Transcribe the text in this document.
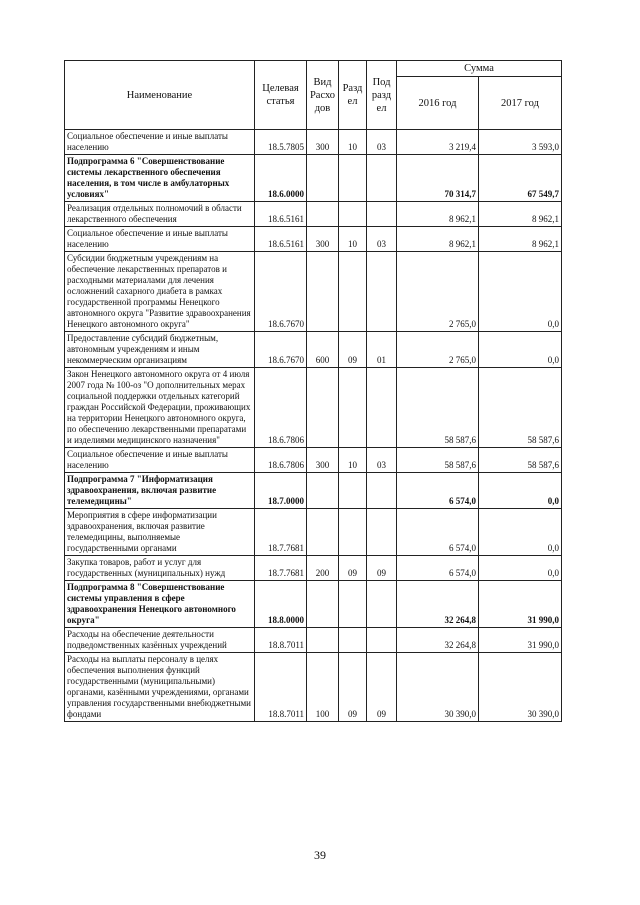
Наименование	Целевая статья	Вид Расхо дов	Разд ел	Под разд ел	Сумма	
					2016 год	2017 год
Социальное обеспечение и иные выплаты населению	18.5.7805	300	10	03	3 219,4	3 593,0
Подпрограмма 6 "Совершенствование системы лекарственного обеспечения населения, в том числе в амбулаторных условиях"	18.6.0000				70 314,7	67 549,7
Реализация отдельных полномочий в области лекарственного обеспечения	18.6.5161				8 962,1	8 962,1
Социальное обеспечение и иные выплаты населению	18.6.5161	300	10	03	8 962,1	8 962,1
Субсидии бюджетным учреждениям на обеспечение лекарственных препаратов и расходными материалами для лечения осложнений сахарного диабета в рамках государственной программы Ненецкого автономного округа "Развитие здравоохранения Ненецкого автономного округа"	18.6.7670				2 765,0	0,0
Предоставление субсидий бюджетным, автономным учреждениям и иным некоммерческим организациям	18.6.7670	600	09	01	2 765,0	0,0
Закон Ненецкого автономного округа от 4 июля 2007 года № 100-оз "О дополнительных мерах социальной поддержки отдельных категорий граждан Российской Федерации, проживающих на территории Ненецкого автономного округа, по обеспечению лекарственными препаратами и изделиями медицинского назначения"	18.6.7806				58 587,6	58 587,6
Социальное обеспечение и иные выплаты населению	18.6.7806	300	10	03	58 587,6	58 587,6
Подпрограмма 7 "Информатизация здравоохранения, включая развитие телемедицины"	18.7.0000				6 574,0	0,0
Мероприятия в сфере информатизации здравоохранения, включая развитие телемедицины, выполняемые государственными органами	18.7.7681				6 574,0	0,0
Закупка товаров, работ и услуг для государственных (муниципальных) нужд	18.7.7681	200	09	09	6 574,0	0,0
Подпрограмма 8 "Совершенствование системы управления в сфере здравоохранения Ненецкого автономного округа"	18.8.0000				32 264,8	31 990,0
Расходы на обеспечение деятельности подведомственных казённых учреждений	18.8.7011				32 264,8	31 990,0
Расходы на выплаты персоналу в целях обеспечения выполнения функций государственными (муниципальными) органами, казёнными учреждениями, органами управления государственными внебюджетными фондами	18.8.7011	100	09	09	30 390,0	30 390,0
39
